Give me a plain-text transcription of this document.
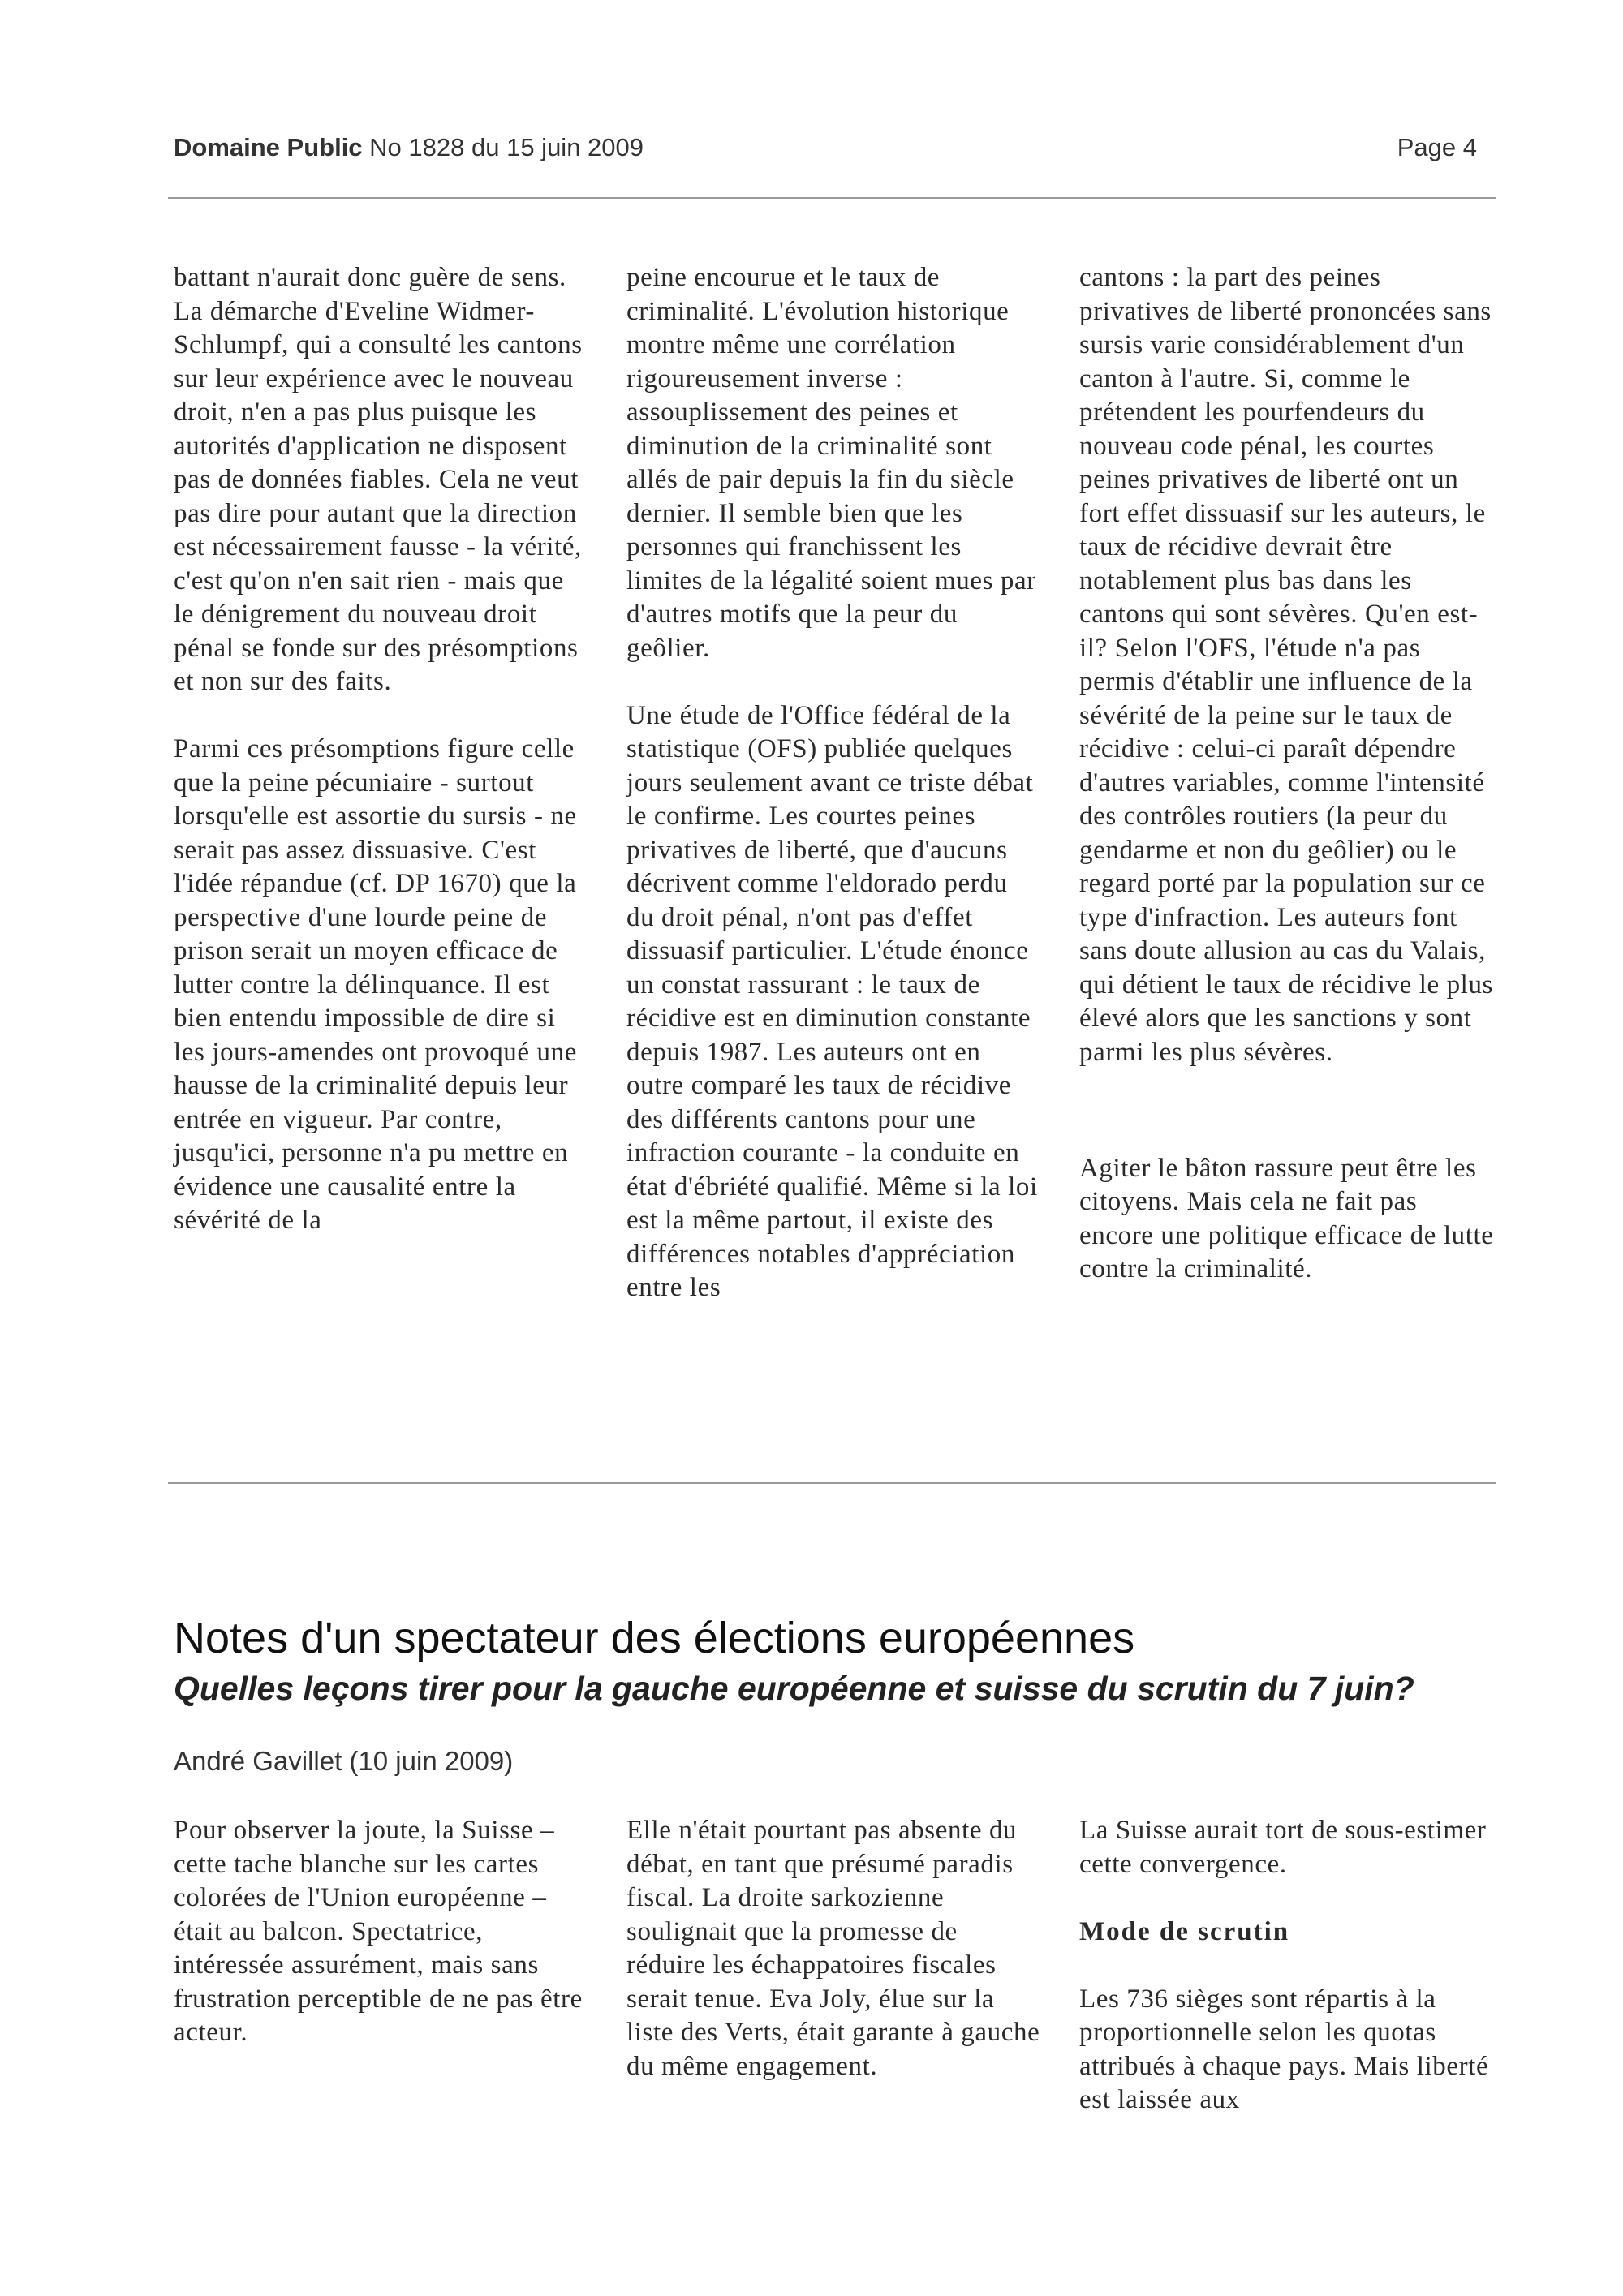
Domaine Public No 1828 du 15 juin 2009	Page 4

battant n'aurait donc guère de sens. La démarche d'Eveline Widmer-Schlumpf, qui a consulté les cantons sur leur expérience avec le nouveau droit, n'en a pas plus puisque les autorités d'application ne disposent pas de données fiables. Cela ne veut pas dire pour autant que la direction est nécessairement fausse - la vérité, c'est qu'on n'en sait rien - mais que le dénigrement du nouveau droit pénal se fonde sur des présomptions et non sur des faits.

Parmi ces présomptions figure celle que la peine pécuniaire - surtout lorsqu'elle est assortie du sursis - ne serait pas assez dissuasive. C'est l'idée répandue (cf. DP 1670) que la perspective d'une lourde peine de prison serait un moyen efficace de lutter contre la délinquance. Il est bien entendu impossible de dire si les jours-amendes ont provoqué une hausse de la criminalité depuis leur entrée en vigueur. Par contre, jusqu'ici, personne n'a pu mettre en évidence une causalité entre la sévérité de la

peine encourue et le taux de criminalité. L'évolution historique montre même une corrélation rigoureusement inverse : assouplissement des peines et diminution de la criminalité sont allés de pair depuis la fin du siècle dernier. Il semble bien que les personnes qui franchissent les limites de la légalité soient mues par d'autres motifs que la peur du geôlier.

Une étude de l'Office fédéral de la statistique (OFS) publiée quelques jours seulement avant ce triste débat le confirme. Les courtes peines privatives de liberté, que d'aucuns décrivent comme l'eldorado perdu du droit pénal, n'ont pas d'effet dissuasif particulier. L'étude énonce un constat rassurant : le taux de récidive est en diminution constante depuis 1987. Les auteurs ont en outre comparé les taux de récidive des différents cantons pour une infraction courante - la conduite en état d'ébriété qualifié. Même si la loi est la même partout, il existe des différences notables d'appréciation entre les

cantons : la part des peines privatives de liberté prononcées sans sursis varie considérablement d'un canton à l'autre. Si, comme le prétendent les pourfendeurs du nouveau code pénal, les courtes peines privatives de liberté ont un fort effet dissuasif sur les auteurs, le taux de récidive devrait être notablement plus bas dans les cantons qui sont sévères. Qu'en est-il? Selon l'OFS, l'étude n'a pas permis d'établir une influence de la sévérité de la peine sur le taux de récidive : celui-ci paraît dépendre d'autres variables, comme l'intensité des contrôles routiers (la peur du gendarme et non du geôlier) ou le regard porté par la population sur ce type d'infraction. Les auteurs font sans doute allusion au cas du Valais, qui détient le taux de récidive le plus élevé alors que les sanctions y sont parmi les plus sévères.

Agiter le bâton rassure peut être les citoyens. Mais cela ne fait pas encore une politique efficace de lutte contre la criminalité.

Notes d'un spectateur des élections européennes
Quelles leçons tirer pour la gauche européenne et suisse du scrutin du 7 juin?
André Gavillet (10 juin 2009)

Pour observer la joute, la Suisse – cette tache blanche sur les cartes colorées de l'Union européenne – était au balcon. Spectatrice, intéressée assurément, mais sans frustration perceptible de ne pas être acteur.

Elle n'était pourtant pas absente du débat, en tant que présumé paradis fiscal. La droite sarkozienne soulignait que la promesse de réduire les échappatoires fiscales serait tenue. Eva Joly, élue sur la liste des Verts, était garante à gauche du même engagement.

La Suisse aurait tort de sous-estimer cette convergence.

Mode de scrutin

Les 736 sièges sont répartis à la proportionnelle selon les quotas attribués à chaque pays. Mais liberté est laissée aux
